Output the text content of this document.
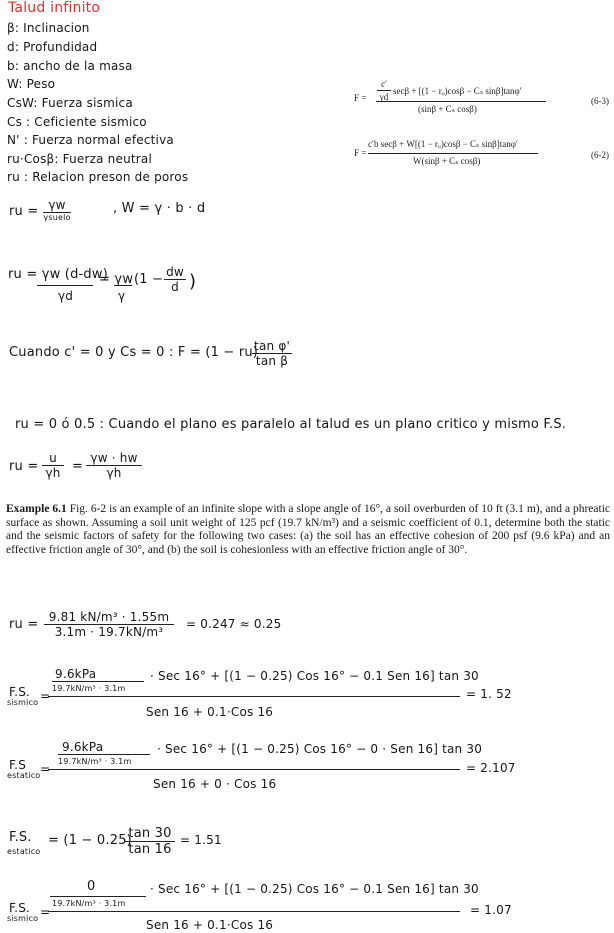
Talud infinito
β: Inclinacion
d: Profundidad
b: ancho de la masa
W: Peso
CsW: Fuerza sismica
Cs : Ceficiente sismico
N' : Fuerza normal efectiva
ru·Cosβ: Fuerza neutral
ru : Relacion preson de poros
F =
c′
γd
secβ + [(1 − rᵤ)cosβ − Cₛ sinβ]tanφ′
(sinβ + Cₛ cosβ)
(6-3)
F =
c′b secβ + W[(1 − rᵤ)cosβ − Cₛ sinβ]tanφ′
W(sinβ + Cₛ cosβ)
(6-2)
ru = γw
γsuelo
, W = γ · b · d
ru = γw (d-dw)
γd
= γw
γ
(1 − dw
d )
Cuando c' = 0 y Cs = 0 : F = (1 − ru)
tan φ'
tan β
ru = 0 ó 0.5 : Cuando el plano es paralelo al talud es un plano critico y mismo F.S.
ru =
u
γh =
γw · hw
γh
Example 6.1 Fig. 6-2 is an example of an infinite slope with a slope angle of 16°, a soil overburden of 10 ft (3.1 m), and a phreatic surface as shown. Assuming a soil unit weight of 125 pcf (19.7 kN/m³) and a seismic coefficient of 0.1, determine both the static and the seismic factors of safety for the following two cases: (a) the soil has an effective cohesion of 200 psf (9.6 kPa) and an effective friction angle of 30°, and (b) the soil is cohesionless with an effective friction angle of 30°.
ru = 9.81 kN/m³ · 1.55m
3.1m · 19.7kN/m³
= 0.247 ≈ 0.25
F.S.
sismico =
9.6kPa
19.7kN/m³ · 3.1m
· Sec 16° + [(1 − 0.25) Cos 16° − 0.1 Sen 16] tan 30
Sen 16 + 0.1·Cos 16
= 1. 52
F.S
estatico =
9.6kPa
19.7kN/m³ · 3.1m
· Sec 16° + [(1 − 0.25) Cos 16° − 0 · Sen 16] tan 30
Sen 16 + 0 · Cos 16
= 2.107
F.S.
estatico
= (1 − 0.25)
tan 30
tan 16
= 1.51
F.S.
sismico =
0
19.7kN/m³ · 3.1m
· Sec 16° + [(1 − 0.25) Cos 16° − 0.1 Sen 16] tan 30
Sen 16 + 0.1·Cos 16
= 1.07
